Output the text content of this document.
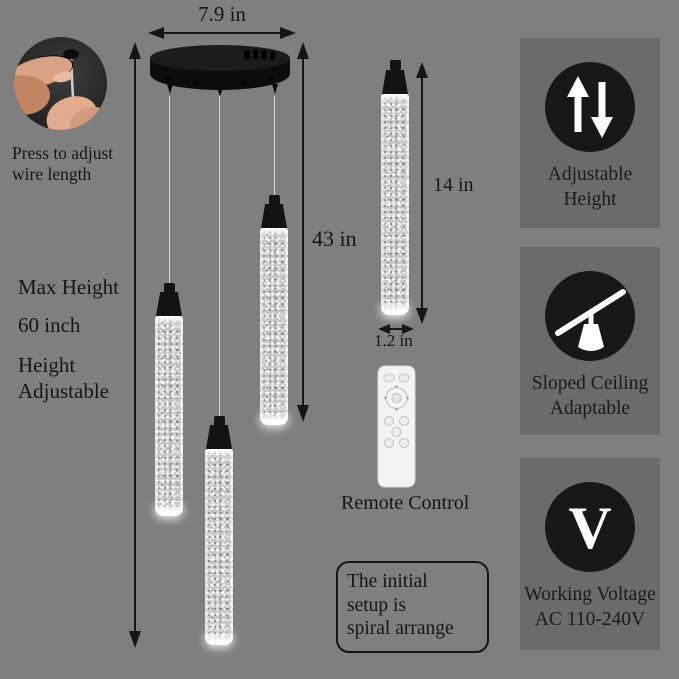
Press to adjust
wire length
7.9 in
43 in
Max Height
60 inch
Height
Adjustable
14 in
1.2 in
Remote Control
The initial
setup is
spiral arrange
Adjustable
Height
Sloped Ceiling
Adaptable
V
Working Voltage
AC 110-240V
